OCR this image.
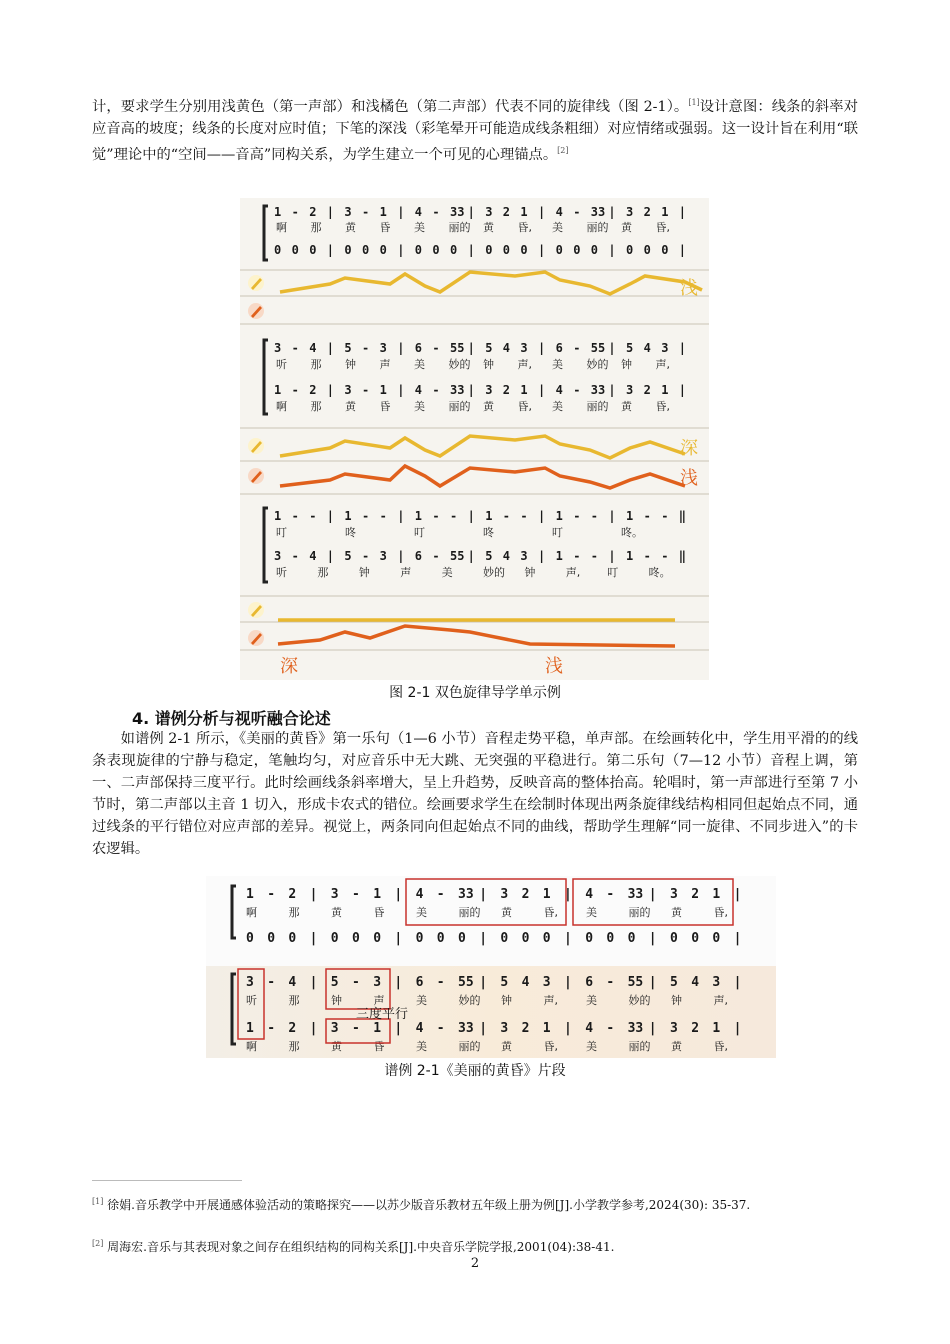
计，要求学生分别用浅黄色（第一声部）和浅橘色（第二声部）代表不同的旋律线（图 2-1）。[1]设计意图：线条的斜率对应音高的坡度；线条的长度对应时值；下笔的深浅（彩笔晕开可能造成线条粗细）对应情绪或强弱。这一设计旨在利用“联觉”理论中的“空间——音高”同构关系，为学生建立一个可见的心理锚点。[2]

1 - 2 | 3 - 1 | 4 - 33 | 3 2 1 | 4 - 33 | 3 2 1 |
啊 那 黄 昏 美 丽的 黄 昏, 美 丽的 黄 昏,
0 0 0 | 0 0 0 | 0 0 0 | 0 0 0 | 0 0 0 | 0 0 0 |
3 - 4 | 5 - 3 | 6 - 55 | 5 4 3 | 6 - 55 | 5 4 3 |
听 那 钟 声 美 妙的 钟 声, 美 妙的 钟 声,
1 - 2 | 3 - 1 | 4 - 33 | 3 2 1 | 4 - 33 | 3 2 1 |
啊 那 黄 昏 美 丽的 黄 昏, 美 丽的 黄 昏,
1 - - | 1 - - | 1 - - | 1 - - | 1 - - | 1 - - ‖
叮	咚	叮	咚	叮	咚。
3 - 4 | 5 - 3 | 6 - 55 | 5 4 3 | 1 - - | 1 - - ‖
听	那	钟	声	美	妙的 钟	声, 叮	咚。
浅
深
浅
深	浅
图 2-1 双色旋律导学单示例
4. 谱例分析与视听融合论述
如谱例 2-1 所示，《美丽的黄昏》第一乐句（1—6 小节）音程走势平稳，单声部。在绘画转化中，学生用平滑的的线条表现旋律的宁静与稳定，笔触均匀，对应音乐中无大跳、无突强的平稳进行。第二乐句（7—12 小节）音程上调，第一、二声部保持三度平行。此时绘画线条斜率增大，呈上升趋势，反映音高的整体抬高。轮唱时，第一声部进行至第 7 小节时，第二声部以主音 1 切入，形成卡农式的错位。绘画要求学生在绘制时体现出两条旋律线结构相同但起始点不同，通过线条的平行错位对应声部的差异。视觉上，两条同向但起始点不同的曲线，帮助学生理解“同一旋律、不同步进入”的卡农逻辑。
1 - 2 | 3 - 1 | 4 - 33 | 3 2 1 | 4 - 33 | 3 2 1 |
啊	那	黄	昏	美	丽的 黄	昏,	美	丽的 黄	昏,
0 0 0 | 0 0 0 | 0 0 0 | 0 0 0 | 0 0 0 | 0 0 0 |
3 - 4 | 5 - 3 | 6 - 55 | 5 4 3 | 6 - 55 | 5 4 3 |
听	那	钟	声	美	妙的 钟	声,	美	妙的 钟	声,
1 - 2 | 3 - 1 | 4 - 33 | 3 2 1 | 4 - 33 | 3 2 1 |
啊	那	黄	昏	美	丽的 黄	昏,	美	丽的 黄	昏,
三度平行
谱例 2-1《美丽的黄昏》片段
[1] 徐娟.音乐教学中开展通感体验活动的策略探究——以苏少版音乐教材五年级上册为例[J].小学教学参考,2024(30): 35-37.
[2] 周海宏.音乐与其表现对象之间存在组织结构的同构关系[J].中央音乐学院学报,2001(04):38-41.
2
